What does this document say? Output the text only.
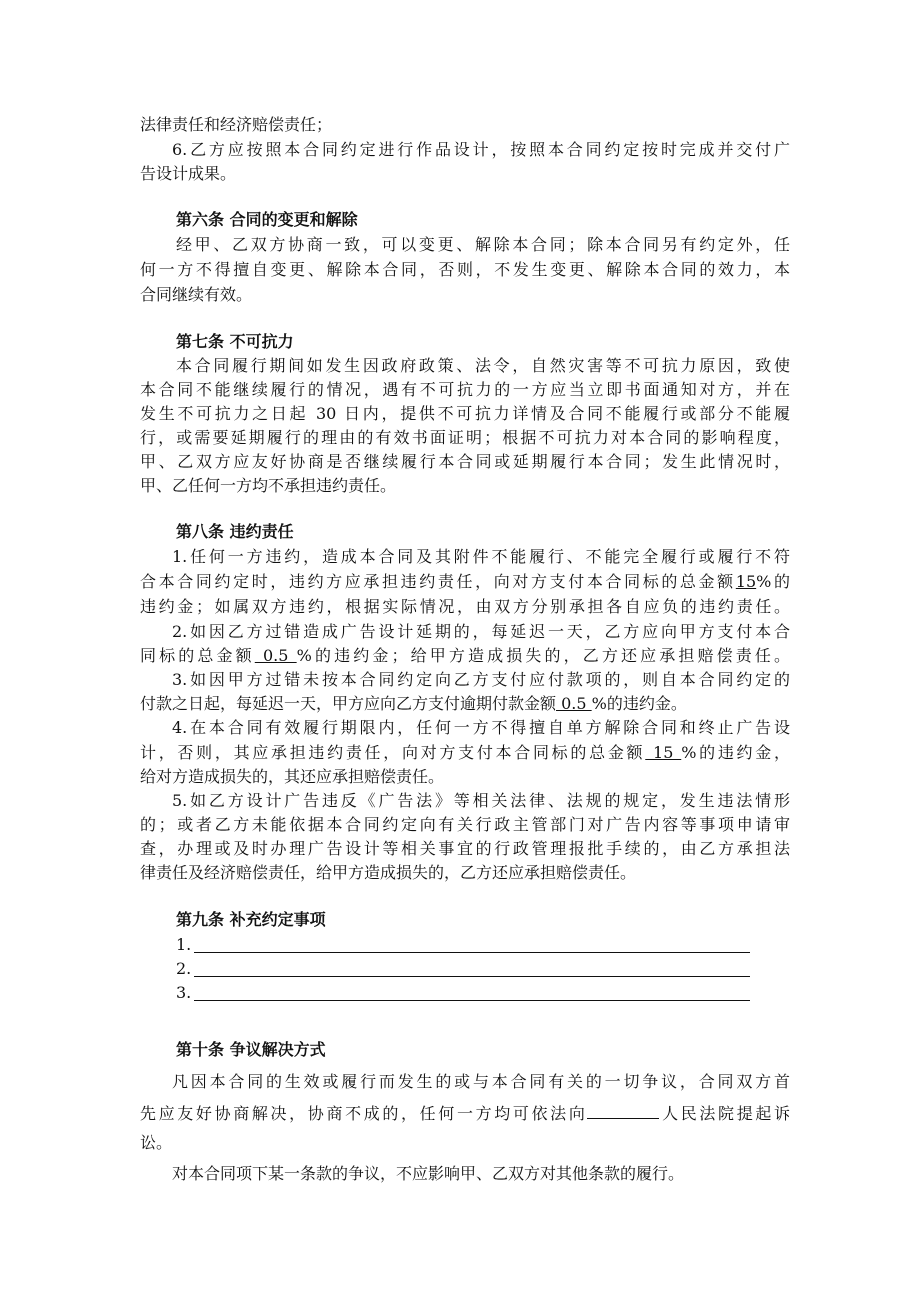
法律责任和经济赔偿责任；
6.乙方应按照本合同约定进行作品设计，按照本合同约定按时完成并交付广
告设计成果。
第六条 合同的变更和解除
经甲、乙双方协商一致，可以变更、解除本合同；除本合同另有约定外，任
何一方不得擅自变更、解除本合同，否则，不发生变更、解除本合同的效力，本
合同继续有效。
第七条 不可抗力
本合同履行期间如发生因政府政策、法令，自然灾害等不可抗力原因，致使
本合同不能继续履行的情况，遇有不可抗力的一方应当立即书面通知对方，并在
发生不可抗力之日起 30 日内，提供不可抗力详情及合同不能履行或部分不能履
行，或需要延期履行的理由的有效书面证明；根据不可抗力对本合同的影响程度，
甲、乙双方应友好协商是否继续履行本合同或延期履行本合同；发生此情况时，
甲、乙任何一方均不承担违约责任。
第八条 违约责任
1.任何一方违约，造成本合同及其附件不能履行、不能完全履行或履行不符
合本合同约定时，违约方应承担违约责任，向对方支付本合同标的总金额15%的
违约金；如属双方违约，根据实际情况，由双方分别承担各自应负的违约责任。
2.如因乙方过错造成广告设计延期的，每延迟一天，乙方应向甲方支付本合
同标的总金额 0.5 %的违约金；给甲方造成损失的，乙方还应承担赔偿责任。
3.如因甲方过错未按本合同约定向乙方支付应付款项的，则自本合同约定的
付款之日起，每延迟一天，甲方应向乙方支付逾期付款金额 0.5 %的违约金。
4.在本合同有效履行期限内，任何一方不得擅自单方解除合同和终止广告设
计，否则，其应承担违约责任，向对方支付本合同标的总金额 15 %的违约金，
给对方造成损失的，其还应承担赔偿责任。
5.如乙方设计广告违反《广告法》等相关法律、法规的规定，发生违法情形
的；或者乙方未能依据本合同约定向有关行政主管部门对广告内容等事项申请审
查，办理或及时办理广告设计等相关事宜的行政管理报批手续的，由乙方承担法
律责任及经济赔偿责任，给甲方造成损失的，乙方还应承担赔偿责任。
第九条 补充约定事项
1.
2.
3.
第十条 争议解决方式
凡因本合同的生效或履行而发生的或与本合同有关的一切争议，合同双方首
先应友好协商解决，协商不成的，任何一方均可依法向	人民法院提起诉
讼。
对本合同项下某一条款的争议，不应影响甲、乙双方对其他条款的履行。
